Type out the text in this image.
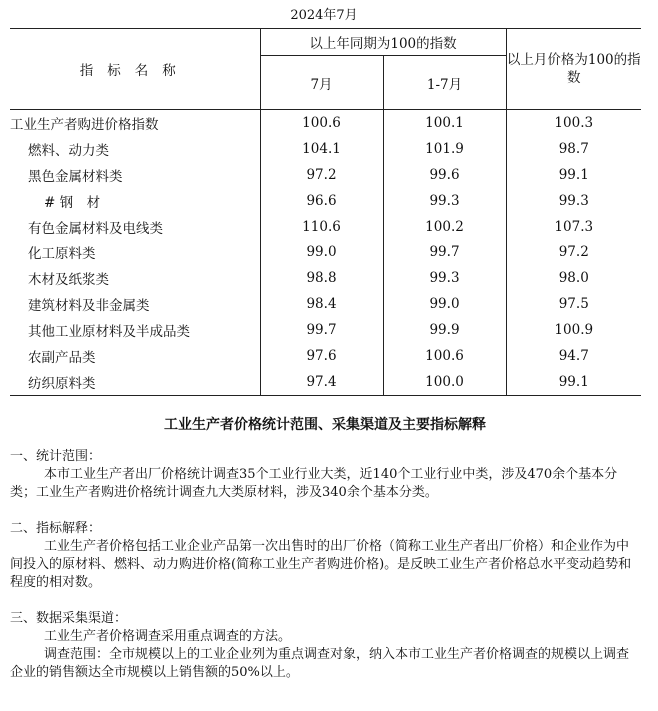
2024年7月
指标名称	以上年同期为100的指数		以上月价格为100的指数
	7月	1-7月	
工业生产者购进价格指数	100.6	100.1	100.3
燃料、动力类	104.1	101.9	98.7
黑色金属材料类	97.2	99.6	99.1
# 钢　材	96.6	99.3	99.3
有色金属材料及电线类	110.6	100.2	107.3
化工原料类	99.0	99.7	97.2
木材及纸浆类	98.8	99.3	98.0
建筑材料及非金属类	98.4	99.0	97.5
其他工业原材料及半成品类	99.7	99.9	100.9
农副产品类	97.6	100.6	94.7
纺织原料类	97.4	100.0	99.1

工业生产者价格统计范围、采集渠道及主要指标解释

一、统计范围：

本市工业生产者出厂价格统计调查35个工业行业大类，近140个工业行业中类，涉及470余个基本分类；工业生产者购进价格统计调查九大类原材料，涉及340余个基本分类。

二、指标解释：

工业生产者价格包括工业企业产品第一次出售时的出厂价格（简称工业生产者出厂价格）和企业作为中间投入的原材料、燃料、动力购进价格(简称工业生产者购进价格)。是反映工业生产者价格总水平变动趋势和程度的相对数。

三、数据采集渠道：

工业生产者价格调查采用重点调查的方法。

调查范围：全市规模以上的工业企业列为重点调查对象，纳入本市工业生产者价格调查的规模以上调查企业的销售额达全市规模以上销售额的50%以上。
